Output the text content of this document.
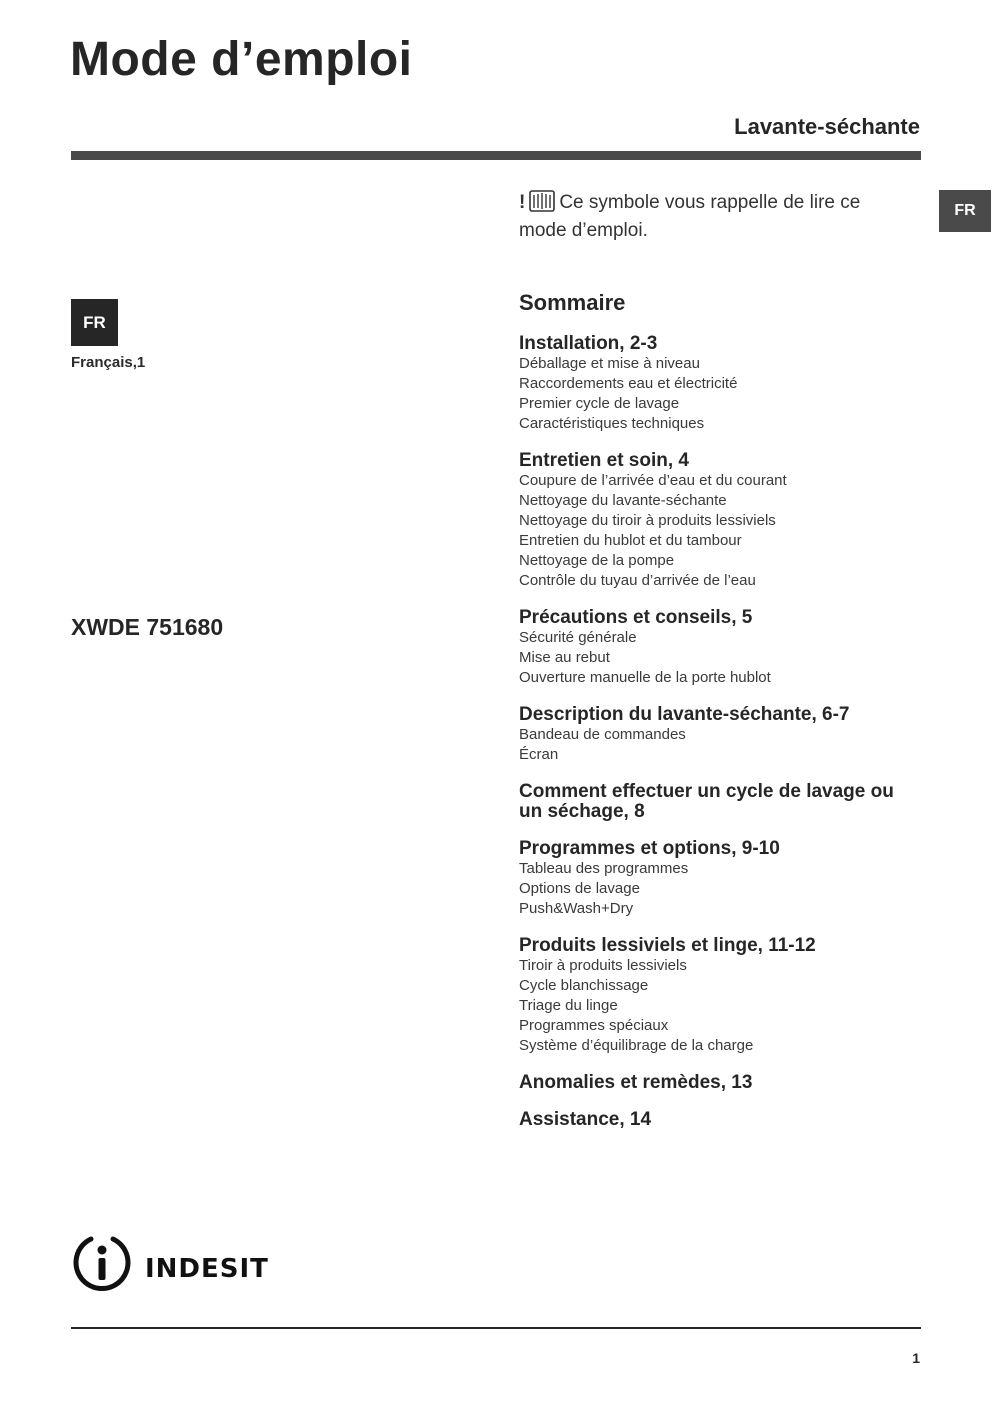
Mode d’emploi
Lavante-séchante
FR
FR
Français,1
XWDE 751680
! Ce symbole vous rappelle de lire ce mode d’emploi.
Sommaire
Installation, 2-3
Déballage et mise à niveau
Raccordements eau et électricité
Premier cycle de lavage
Caractéristiques techniques
Entretien et soin, 4
Coupure de l’arrivée d’eau et du courant
Nettoyage du lavante-séchante
Nettoyage du tiroir à produits lessiviels
Entretien du hublot et du tambour
Nettoyage de la pompe
Contrôle du tuyau d’arrivée de l’eau
Précautions et conseils, 5
Sécurité générale
Mise au rebut
Ouverture manuelle de la porte hublot
Description du lavante-séchante, 6-7
Bandeau de commandes
Écran
Comment effectuer un cycle de lavage ou un séchage, 8
Programmes et options, 9-10
Tableau des programmes
Options de lavage
Push&Wash+Dry
Produits lessiviels et linge, 11-12
Tiroir à produits lessiviels
Cycle blanchissage
Triage du linge
Programmes spéciaux
Système d’équilibrage de la charge
Anomalies et remèdes, 13
Assistance, 14
indesit
1
